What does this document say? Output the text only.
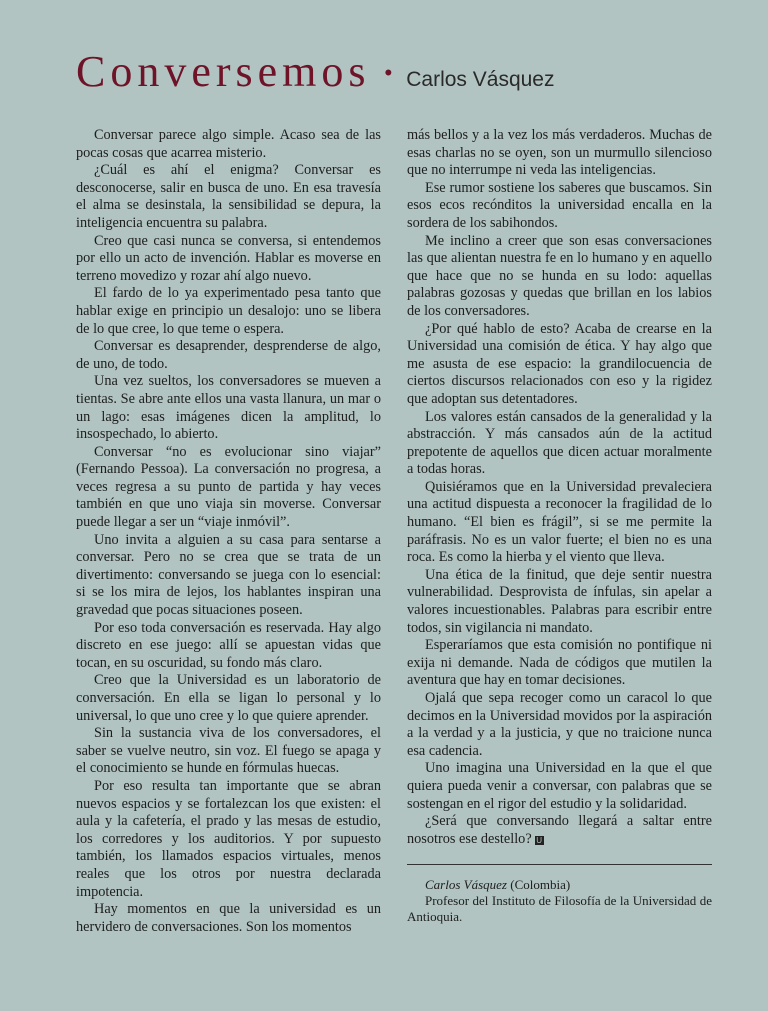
Conversemos • Carlos Vásquez

Conversar parece algo simple. Acaso sea de las pocas cosas que acarrea misterio.

¿Cuál es ahí el enigma? Conversar es desconocerse, salir en busca de uno. En esa travesía el alma se desinstala, la sensibilidad se depura, la inteligencia encuentra su palabra.

Creo que casi nunca se conversa, si entendemos por ello un acto de invención. Hablar es moverse en terreno movedizo y rozar ahí algo nuevo.

El fardo de lo ya experimentado pesa tanto que hablar exige en principio un desalojo: uno se libera de lo que cree, lo que teme o espera.

Conversar es desaprender, desprenderse de algo, de uno, de todo.

Una vez sueltos, los conversadores se mueven a tientas. Se abre ante ellos una vasta llanura, un mar o un lago: esas imágenes dicen la amplitud, lo insospechado, lo abierto.

Conversar “no es evolucionar sino viajar” (Fernando Pessoa). La conversación no progresa, a veces regresa a su punto de partida y hay veces también en que uno viaja sin moverse. Conversar puede llegar a ser un “viaje inmóvil”.

Uno invita a alguien a su casa para sentarse a conversar. Pero no se crea que se trata de un divertimento: conversando se juega con lo esencial: si se los mira de lejos, los hablantes inspiran una gravedad que pocas situaciones poseen.

Por eso toda conversación es reservada. Hay algo discreto en ese juego: allí se apuestan vidas que tocan, en su oscuridad, su fondo más claro.

Creo que la Universidad es un laboratorio de conversación. En ella se ligan lo personal y lo universal, lo que uno cree y lo que quiere aprender.

Sin la sustancia viva de los conversadores, el saber se vuelve neutro, sin voz. El fuego se apaga y el conocimiento se hunde en fórmulas huecas.

Por eso resulta tan importante que se abran nuevos espacios y se fortalezcan los que existen: el aula y la cafetería, el prado y las mesas de estudio, los corredores y los auditorios. Y por supuesto también, los llamados espacios virtuales, menos reales que los otros por nuestra declarada impotencia.

Hay momentos en que la universidad es un hervidero de conversaciones. Son los momentos

más bellos y a la vez los más verdaderos. Muchas de esas charlas no se oyen, son un murmullo silencioso que no interrumpe ni veda las inteligencias.

Ese rumor sostiene los saberes que buscamos. Sin esos ecos recónditos la universidad encalla en la sordera de los sabihondos.

Me inclino a creer que son esas conversaciones las que alientan nuestra fe en lo humano y en aquello que hace que no se hunda en su lodo: aquellas palabras gozosas y quedas que brillan en los labios de los conversadores.

¿Por qué hablo de esto? Acaba de crearse en la Universidad una comisión de ética. Y hay algo que me asusta de ese espacio: la grandilocuencia de ciertos discursos relacionados con eso y la rigidez que adoptan sus detentadores.

Los valores están cansados de la generalidad y la abstracción. Y más cansados aún de la actitud prepotente de aquellos que dicen actuar moralmente a todas horas.

Quisiéramos que en la Universidad prevaleciera una actitud dispuesta a reconocer la fragilidad de lo humano. “El bien es frágil”, si se me permite la paráfrasis. No es un valor fuerte; el bien no es una roca. Es como la hierba y el viento que lleva.

Una ética de la finitud, que deje sentir nuestra vulnerabilidad. Desprovista de ínfulas, sin apelar a valores incuestionables. Palabras para escribir entre todos, sin vigilancia ni mandato.

Esperaríamos que esta comisión no pontifique ni exija ni demande. Nada de códigos que mutilen la aventura que hay en tomar decisiones.

Ojalá que sepa recoger como un caracol lo que decimos en la Universidad movidos por la aspiración a la verdad y a la justicia, y que no traicione nunca esa cadencia.

Uno imagina una Universidad en la que el que quiera pueda venir a conversar, con palabras que se sostengan en el rigor del estudio y la solidaridad.

¿Será que conversando llegará a saltar entre nosotros ese destello? U

Carlos Vásquez (Colombia)

Profesor del Instituto de Filosofía de la Universidad de Antioquia.
